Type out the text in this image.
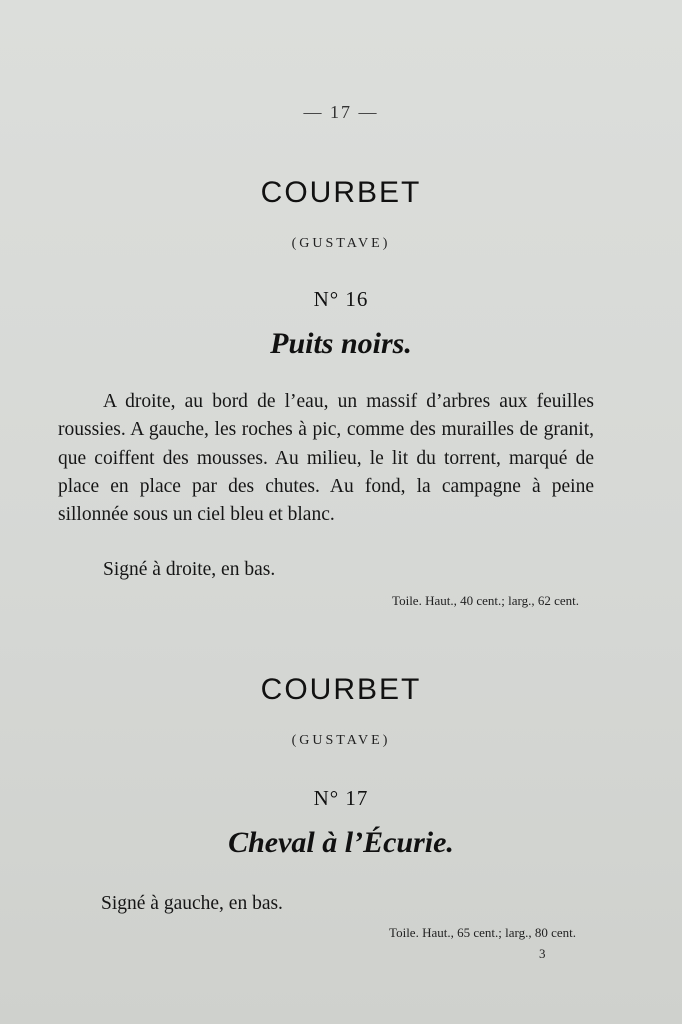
— 17 —
COURBET
(GUSTAVE)
N° 16
Puits noirs.
A droite, au bord de l’eau, un massif d’arbres aux feuilles roussies. A gauche, les roches à pic, comme des murailles de granit, que coiffent des mousses. Au milieu, le lit du torrent, marqué de place en place par des chutes. Au fond, la campagne à peine sillonnée sous un ciel bleu et blanc.
Signé à droite, en bas.
Toile. Haut., 40 cent.; larg., 62 cent.
COURBET
(GUSTAVE)
N° 17
Cheval à l’Écurie.
Signé à gauche, en bas.
Toile. Haut., 65 cent.; larg., 80 cent.
3
